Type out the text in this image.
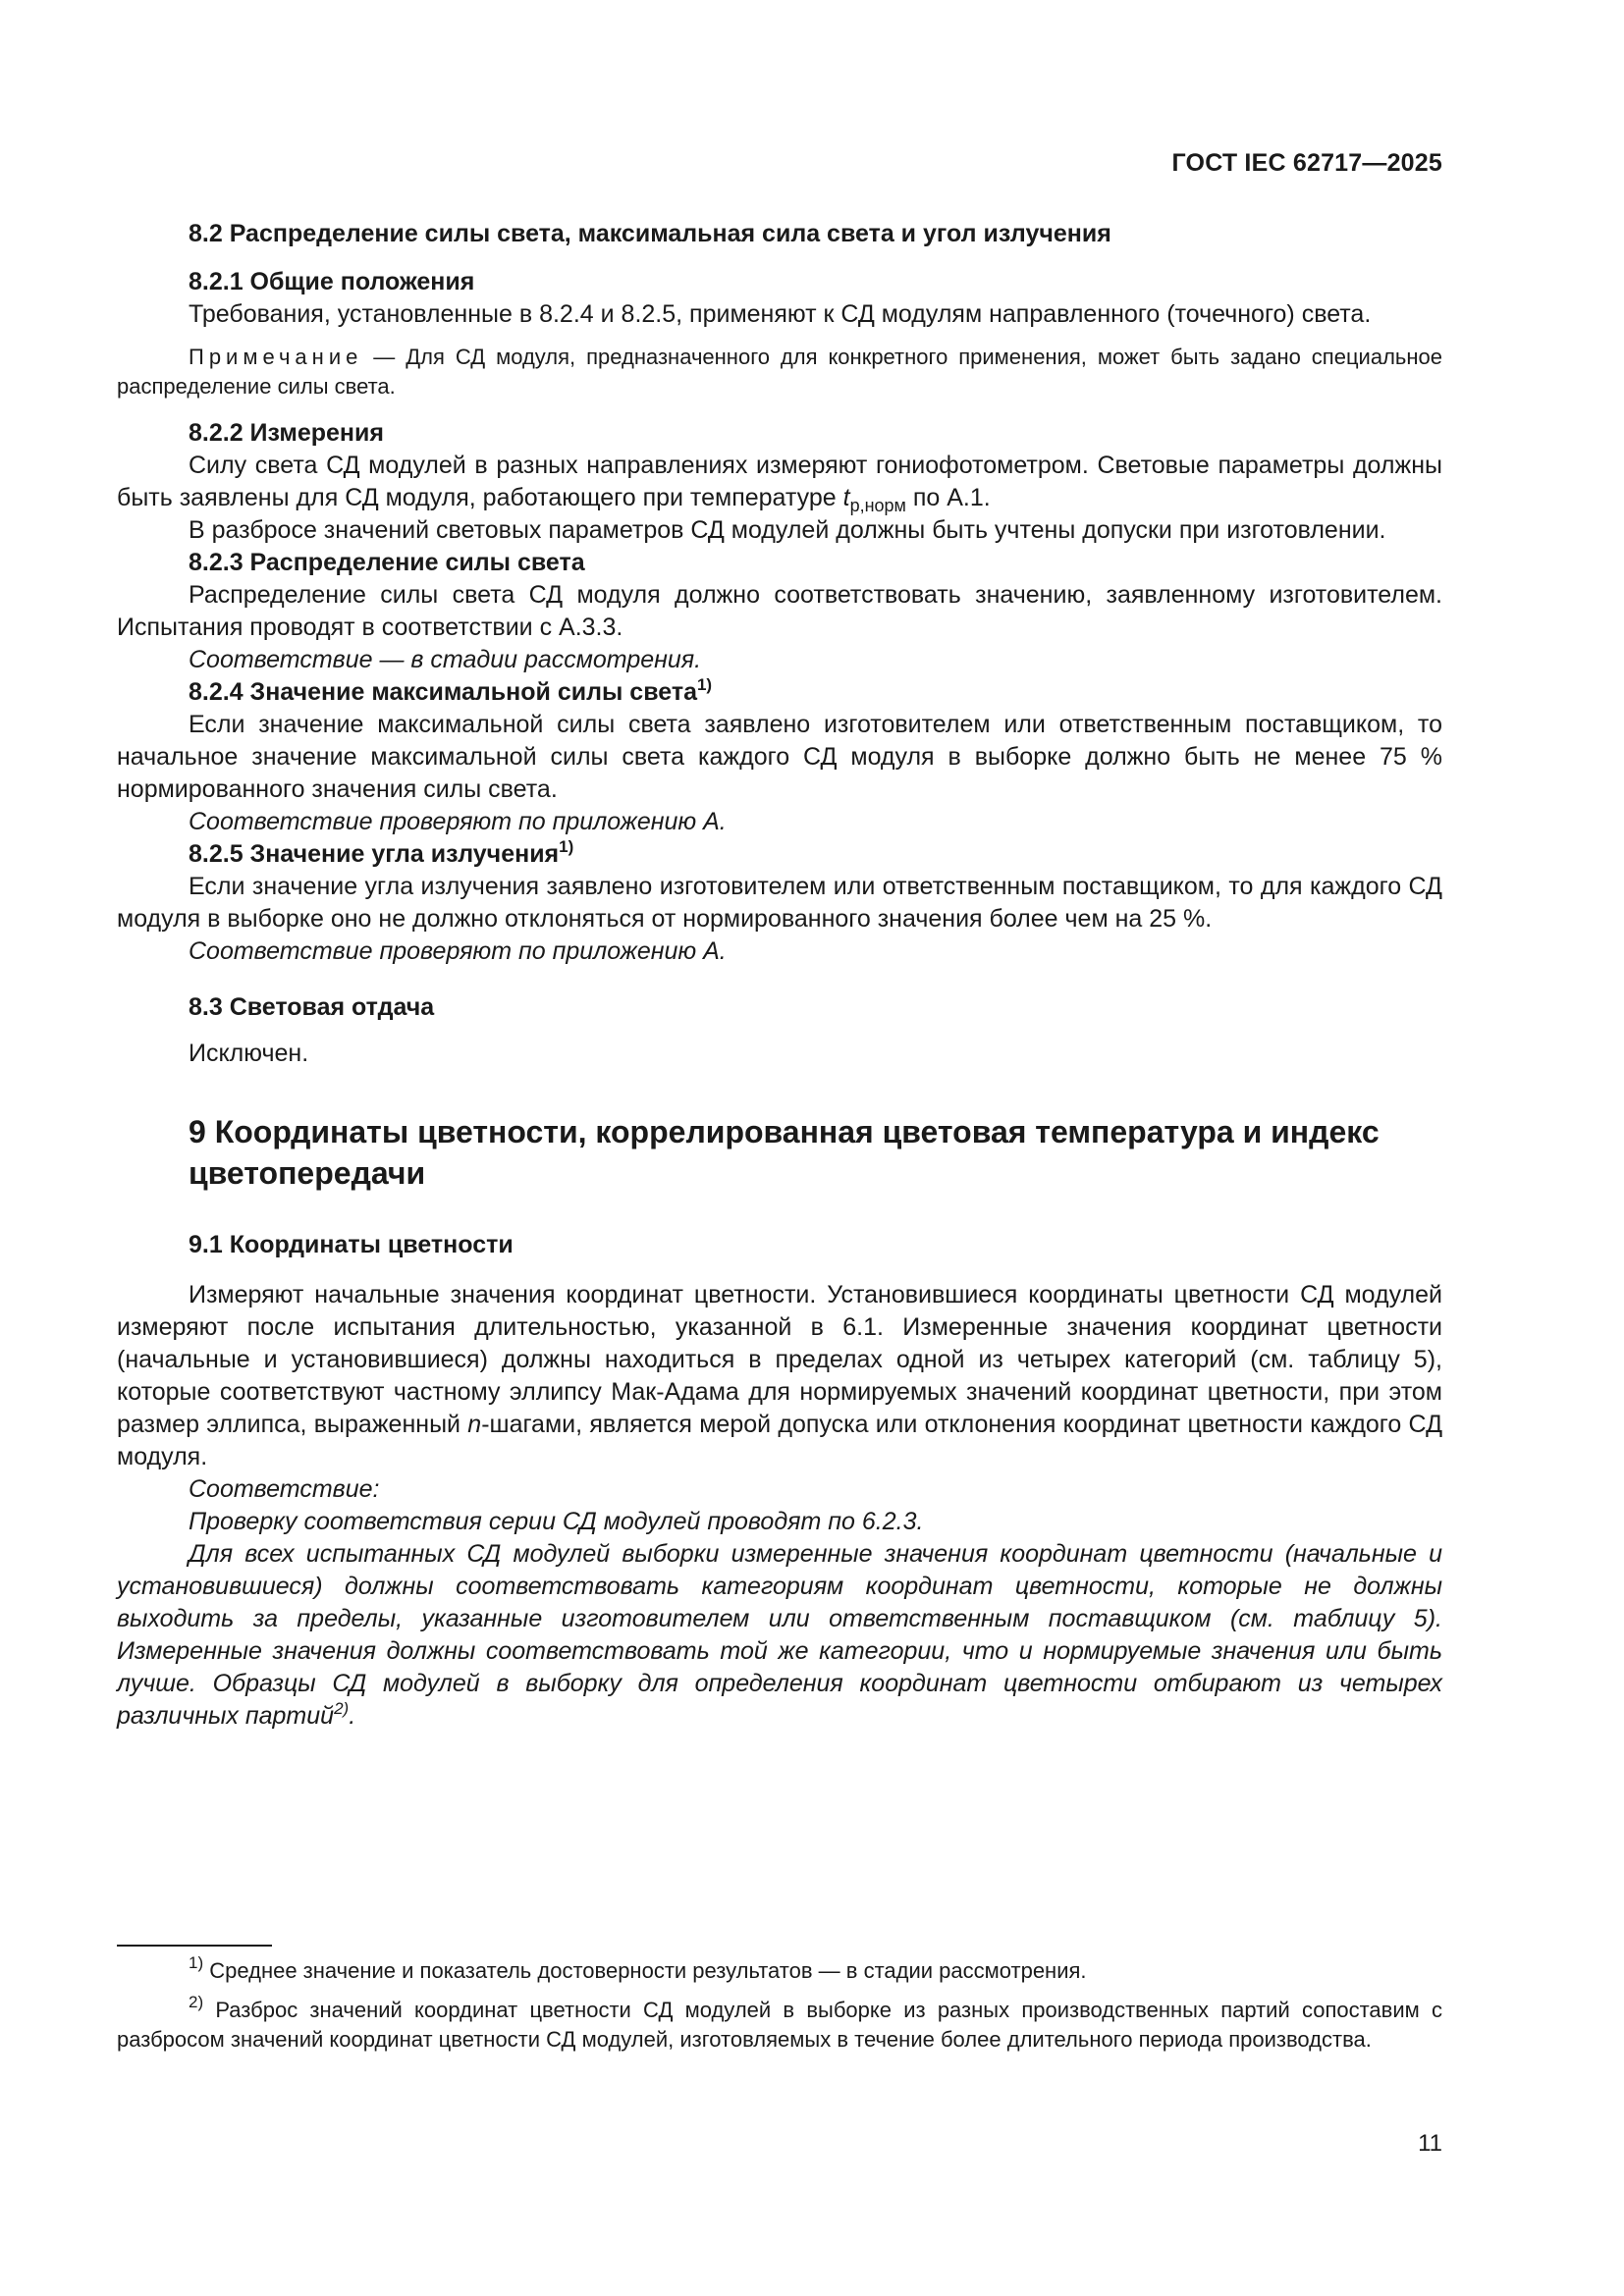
ГОСТ IEC 62717—2025

8.2 Распределение силы света, максимальная сила света и угол излучения

8.2.1 Общие положения

Требования, установленные в 8.2.4 и 8.2.5, применяют к СД модулям направленного (точечного) света.

Примечание — Для СД модуля, предназначенного для конкретного применения, может быть задано специальное распределение силы света.

8.2.2 Измерения

Силу света СД модулей в разных направлениях измеряют гониофотометром. Световые параметры должны быть заявлены для СД модуля, работающего при температуре $t_{p,норм}$ по А.1.

В разбросе значений световых параметров СД модулей должны быть учтены допуски при изготовлении.

8.2.3 Распределение силы света

Распределение силы света СД модуля должно соответствовать значению, заявленному изготовителем. Испытания проводят в соответствии с А.3.3.

Соответствие — в стадии рассмотрения.

8.2.4 Значение максимальной силы света$^{1)}$

Если значение максимальной силы света заявлено изготовителем или ответственным поставщиком, то начальное значение максимальной силы света каждого СД модуля в выборке должно быть не менее 75 % нормированного значения силы света.

Соответствие проверяют по приложению А.

8.2.5 Значение угла излучения$^{1)}$

Если значение угла излучения заявлено изготовителем или ответственным поставщиком, то для каждого СД модуля в выборке оно не должно отклоняться от нормированного значения более чем на 25 %.

Соответствие проверяют по приложению А.

8.3 Световая отдача

Исключен.

9 Координаты цветности, коррелированная цветовая температура и индекс цветопередачи

9.1 Координаты цветности

Измеряют начальные значения координат цветности. Установившиеся координаты цветности СД модулей измеряют после испытания длительностью, указанной в 6.1. Измеренные значения координат цветности (начальные и установившиеся) должны находиться в пределах одной из четырех категорий (см. таблицу 5), которые соответствуют частному эллипсу Мак-Адама для нормируемых значений координат цветности, при этом размер эллипса, выраженный n-шагами, является мерой допуска или отклонения координат цветности каждого СД модуля.

Соответствие:

Проверку соответствия серии СД модулей проводят по 6.2.3.

Для всех испытанных СД модулей выборки измеренные значения координат цветности (начальные и установившиеся) должны соответствовать категориям координат цветности, которые не должны выходить за пределы, указанные изготовителем или ответственным поставщиком (см. таблицу 5). Измеренные значения должны соответствовать той же категории, что и нормируемые значения или быть лучше. Образцы СД модулей в выборку для определения координат цветности отбирают из четырех различных партий$^{2)}$.

$^{1)}$ Среднее значение и показатель достоверности результатов — в стадии рассмотрения.

$^{2)}$ Разброс значений координат цветности СД модулей в выборке из разных производственных партий сопоставим с разбросом значений координат цветности СД модулей, изготовляемых в течение более длительного периода производства.

11
